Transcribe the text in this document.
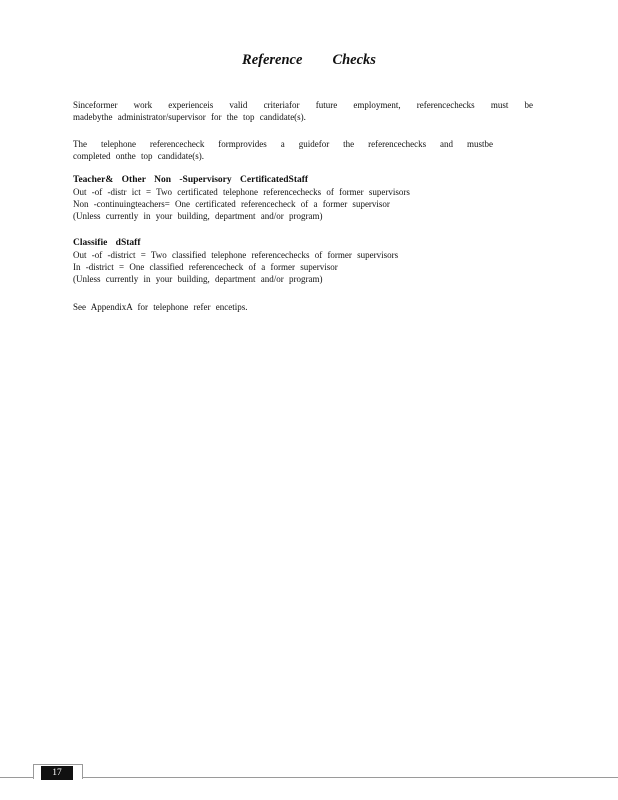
Reference Checks
Sinceformer work experienceis valid criteriafor future employment, referencechecks must be
madebythe administrator/supervisor for the top candidate(s).
The telephone referencecheck formprovides a guidefor the referencechecks and mustbe
completed onthe top candidate(s).
Teacher& Other Non -Supervisory CertificatedStaff
Out -of -distr ict = Two certificated telephone referencechecks of former supervisors
Non -continuingteachers= One certificated referencecheck of a former supervisor
(Unless currently in your building, department and/or program)
Classifie dStaff
Out -of -district = Two classified telephone referencechecks of former supervisors
In -district = One classified referencecheck of a former supervisor
(Unless currently in your building, department and/or program)
See AppendixA for telephone refer encetips.
17
